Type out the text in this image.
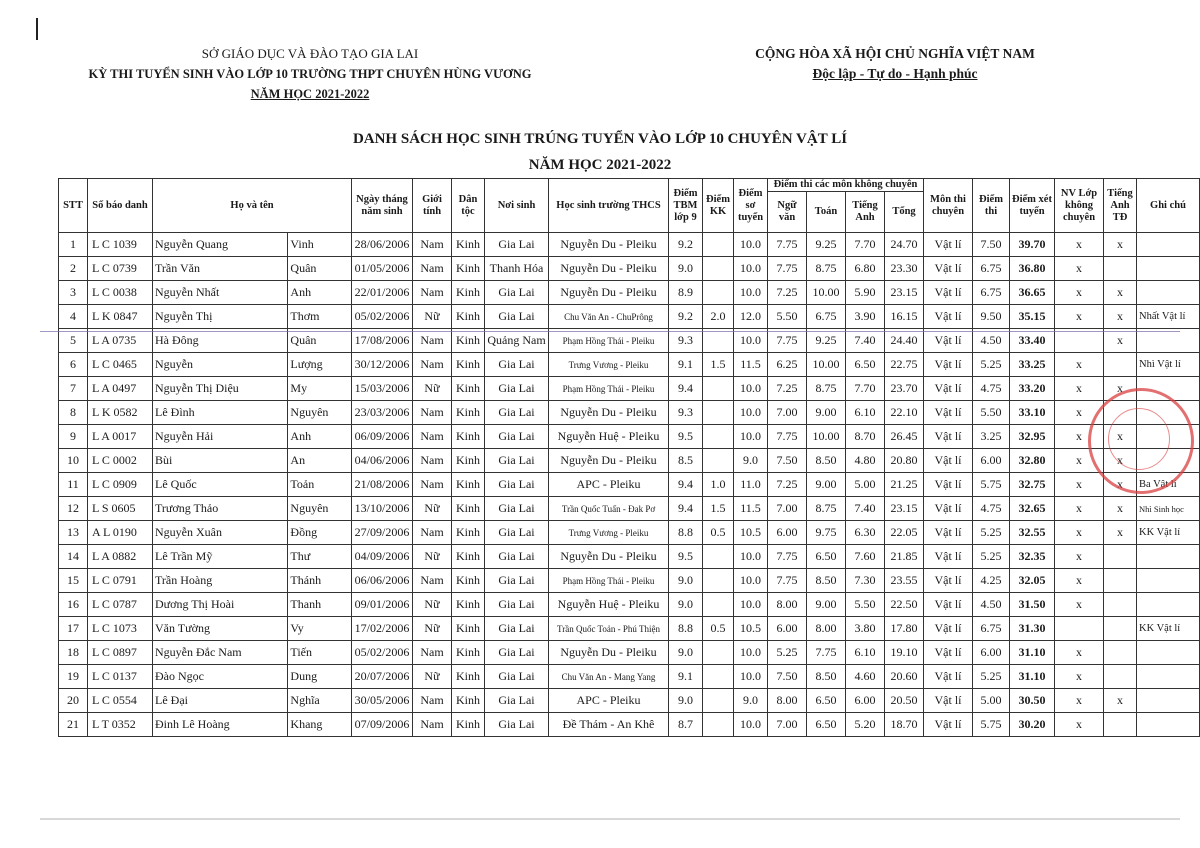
SỞ GIÁO DỤC VÀ ĐÀO TẠO GIA LAI
KỲ THI TUYỂN SINH VÀO LỚP 10 TRƯỜNG THPT CHUYÊN HÙNG VƯƠNG
NĂM HỌC 2021-2022
CỘNG HÒA XÃ HỘI CHỦ NGHĨA VIỆT NAM
Độc lập - Tự do - Hạnh phúc
DANH SÁCH HỌC SINH TRÚNG TUYỂN VÀO LỚP 10 CHUYÊN VẬT LÍ
NĂM HỌC 2021-2022
STT	Số báo danh	Họ và tên		Ngày tháng năm sinh	Giới tính	Dân tộc	Nơi sinh	Học sinh trường THCS	Điểm TBM lớp 9	Điểm KK	Điểm sơ tuyển	Điểm thi các môn không chuyên				Môn thi chuyên	Điểm thi	Điểm xét tuyển	NV Lớp không chuyên	Tiếng Anh TĐ	Ghi chú
												Ngữ văn	Toán	Tiếng Anh	Tổng						
1	L C 1039	Nguyễn Quang	Vinh	28/06/2006	Nam	Kinh	Gia Lai	Nguyễn Du - Pleiku	9.2		10.0	7.75	9.25	7.70	24.70	Vật lí	7.50	39.70	x	x	
2	L C 0739	Trần Văn	Quân	01/05/2006	Nam	Kinh	Thanh Hóa	Nguyễn Du - Pleiku	9.0		10.0	7.75	8.75	6.80	23.30	Vật lí	6.75	36.80	x		
3	L C 0038	Nguyễn Nhất	Anh	22/01/2006	Nam	Kinh	Gia Lai	Nguyễn Du - Pleiku	8.9		10.0	7.25	10.00	5.90	23.15	Vật lí	6.75	36.65	x	x	
4	L K 0847	Nguyễn Thị	Thơm	05/02/2006	Nữ	Kinh	Gia Lai	Chu Văn An - ChuPrông	9.2	2.0	12.0	5.50	6.75	3.90	16.15	Vật lí	9.50	35.15	x	x	Nhất Vật lí
5	L A 0735	Hà Đông	Quân	17/08/2006	Nam	Kinh	Quảng Nam	Phạm Hồng Thái - Pleiku	9.3		10.0	7.75	9.25	7.40	24.40	Vật lí	4.50	33.40		x	
6	L C 0465	Nguyễn	Lượng	30/12/2006	Nam	Kinh	Gia Lai	Trưng Vương - Pleiku	9.1	1.5	11.5	6.25	10.00	6.50	22.75	Vật lí	5.25	33.25	x		Nhì Vật lí
7	L A 0497	Nguyễn Thị Diệu	My	15/03/2006	Nữ	Kinh	Gia Lai	Phạm Hồng Thái - Pleiku	9.4		10.0	7.25	8.75	7.70	23.70	Vật lí	4.75	33.20	x	x	
8	L K 0582	Lê Đình	Nguyên	23/03/2006	Nam	Kinh	Gia Lai	Nguyễn Du - Pleiku	9.3		10.0	7.00	9.00	6.10	22.10	Vật lí	5.50	33.10	x		
9	L A 0017	Nguyễn Hải	Anh	06/09/2006	Nam	Kinh	Gia Lai	Nguyễn Huệ - Pleiku	9.5		10.0	7.75	10.00	8.70	26.45	Vật lí	3.25	32.95	x	x	
10	L C 0002	Bùi	An	04/06/2006	Nam	Kinh	Gia Lai	Nguyễn Du - Pleiku	8.5		9.0	7.50	8.50	4.80	20.80	Vật lí	6.00	32.80	x	x	
11	L C 0909	Lê Quốc	Toản	21/08/2006	Nam	Kinh	Gia Lai	APC - Pleiku	9.4	1.0	11.0	7.25	9.00	5.00	21.25	Vật lí	5.75	32.75	x	x	Ba Vật lí
12	L S 0605	Trương Thảo	Nguyên	13/10/2006	Nữ	Kinh	Gia Lai	Trần Quốc Tuấn - Đak Pơ	9.4	1.5	11.5	7.00	8.75	7.40	23.15	Vật lí	4.75	32.65	x	x	Nhì Sinh học
13	A L 0190	Nguyễn Xuân	Đồng	27/09/2006	Nam	Kinh	Gia Lai	Trưng Vương - Pleiku	8.8	0.5	10.5	6.00	9.75	6.30	22.05	Vật lí	5.25	32.55	x	x	KK Vật lí
14	L A 0882	Lê Trần Mỹ	Thư	04/09/2006	Nữ	Kinh	Gia Lai	Nguyễn Du - Pleiku	9.5		10.0	7.75	6.50	7.60	21.85	Vật lí	5.25	32.35	x		
15	L C 0791	Trần Hoàng	Thánh	06/06/2006	Nam	Kinh	Gia Lai	Phạm Hồng Thái - Pleiku	9.0		10.0	7.75	8.50	7.30	23.55	Vật lí	4.25	32.05	x		
16	L C 0787	Dương Thị Hoài	Thanh	09/01/2006	Nữ	Kinh	Gia Lai	Nguyễn Huệ - Pleiku	9.0		10.0	8.00	9.00	5.50	22.50	Vật lí	4.50	31.50	x		
17	L C 1073	Văn Tường	Vy	17/02/2006	Nữ	Kinh	Gia Lai	Trần Quốc Toản - Phú Thiện	8.8	0.5	10.5	6.00	8.00	3.80	17.80	Vật lí	6.75	31.30			KK Vật lí
18	L C 0897	Nguyễn Đắc Nam	Tiến	05/02/2006	Nam	Kinh	Gia Lai	Nguyễn Du - Pleiku	9.0		10.0	5.25	7.75	6.10	19.10	Vật lí	6.00	31.10	x		
19	L C 0137	Đào Ngọc	Dung	20/07/2006	Nữ	Kinh	Gia Lai	Chu Văn An - Mang Yang	9.1		10.0	7.50	8.50	4.60	20.60	Vật lí	5.25	31.10	x		
20	L C 0554	Lê Đại	Nghĩa	30/05/2006	Nam	Kinh	Gia Lai	APC - Pleiku	9.0		9.0	8.00	6.50	6.00	20.50	Vật lí	5.00	30.50	x	x	
21	L T 0352	Đinh Lê Hoàng	Khang	07/09/2006	Nam	Kinh	Gia Lai	Đề Thám - An Khê	8.7		10.0	7.00	6.50	5.20	18.70	Vật lí	5.75	30.20	x		
